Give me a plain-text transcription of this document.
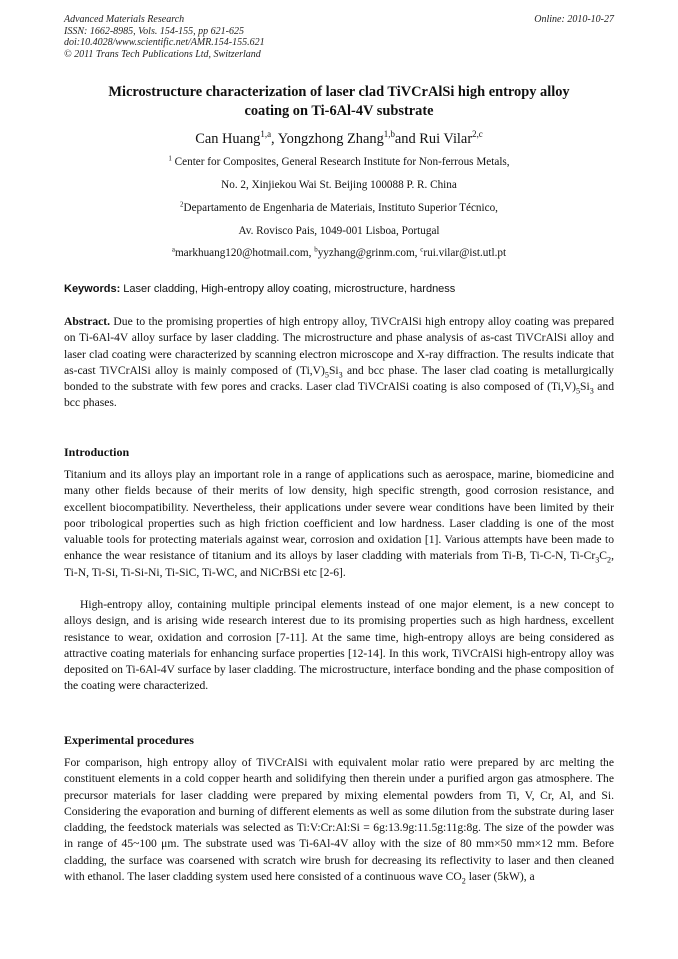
Advanced Materials Research
ISSN: 1662-8985, Vols. 154-155, pp 621-625
doi:10.4028/www.scientific.net/AMR.154-155.621
© 2011 Trans Tech Publications Ltd, Switzerland
Online: 2010-10-27
Microstructure characterization of laser clad TiVCrAlSi high entropy alloy
coating on Ti-6Al-4V substrate
Can Huang$^{1,a}$, Yongzhong Zhang$^{1,b}$and Rui Vilar$^{2,c}$
$^1$ Center for Composites, General Research Institute for Non-ferrous Metals,
No. 2, Xinjiekou Wai St. Beijing 100088 P. R. China
$^2$Departamento de Engenharia de Materiais, Instituto Superior Técnico,
Av. Rovisco Pais, 1049-001 Lisboa, Portugal
$^a$markhuang120@hotmail.com, $^b$yyzhang@grinm.com, $^c$rui.vilar@ist.utl.pt
Keywords: Laser cladding, High-entropy alloy coating, microstructure, hardness
Abstract. Due to the promising properties of high entropy alloy, TiVCrAlSi high entropy alloy coating was prepared on Ti-6Al-4V alloy surface by laser cladding. The microstructure and phase analysis of as-cast TiVCrAlSi alloy and laser clad coating were characterized by scanning electron microscope and X-ray diffraction. The results indicate that as-cast TiVCrAlSi alloy is mainly composed of $(Ti,V)_5Si_3$ and bcc phase. The laser clad coating is metallurgically bonded to the substrate with few pores and cracks. Laser clad TiVCrAlSi coating is also composed of $(Ti,V)_5Si_3$ and bcc phases.
Introduction
Titanium and its alloys play an important role in a range of applications such as aerospace, marine, biomedicine and many other fields because of their merits of low density, high specific strength, good corrosion resistance, and excellent biocompatibility. Nevertheless, their applications under severe wear conditions have been limited by their poor tribological properties such as high friction coefficient and low hardness. Laser cladding is one of the most valuable tools for protecting materials against wear, corrosion and oxidation [1]. Various attempts have been made to enhance the wear resistance of titanium and its alloys by laser cladding with materials from Ti-B, Ti-C-N, $Ti-Cr_3C_2$, Ti-N, Ti-Si, Ti-Si-Ni, Ti-SiC, Ti-WC, and NiCrBSi etc [2-6].
High-entropy alloy, containing multiple principal elements instead of one major element, is a new concept to alloys design, and is arising wide research interest due to its promising properties such as high hardness, excellent resistance to wear, oxidation and corrosion [7-11]. At the same time, high-entropy alloys are being considered as attractive coating materials for enhancing surface properties [12-14]. In this work, TiVCrAlSi high-entropy alloy was deposited on Ti-6Al-4V surface by laser cladding. The microstructure, interface bonding and the phase composition of the coating were characterized.
Experimental procedures
For comparison, high entropy alloy of TiVCrAlSi with equivalent molar ratio were prepared by arc melting the constituent elements in a cold copper hearth and solidifying then therein under a purified argon gas atmosphere. The precursor materials for laser cladding were prepared by mixing elemental powders from Ti, V, Cr, Al, and Si. Considering the evaporation and burning of different elements as well as some dilution from the substrate during laser cladding, the feedstock materials was selected as Ti:V:Cr:Al:Si = 6g:13.9g:11.5g:11g:8g. The size of the powder was in range of 45~100 μm. The substrate used was Ti-6Al-4V alloy with the size of 80 mm×50 mm×12 mm. Before cladding, the surface was coarsened with scratch wire brush for decreasing its reflectivity to laser and then cleaned with ethanol. The laser cladding system used here consisted of a continuous wave $CO_2$ laser (5kW), a
